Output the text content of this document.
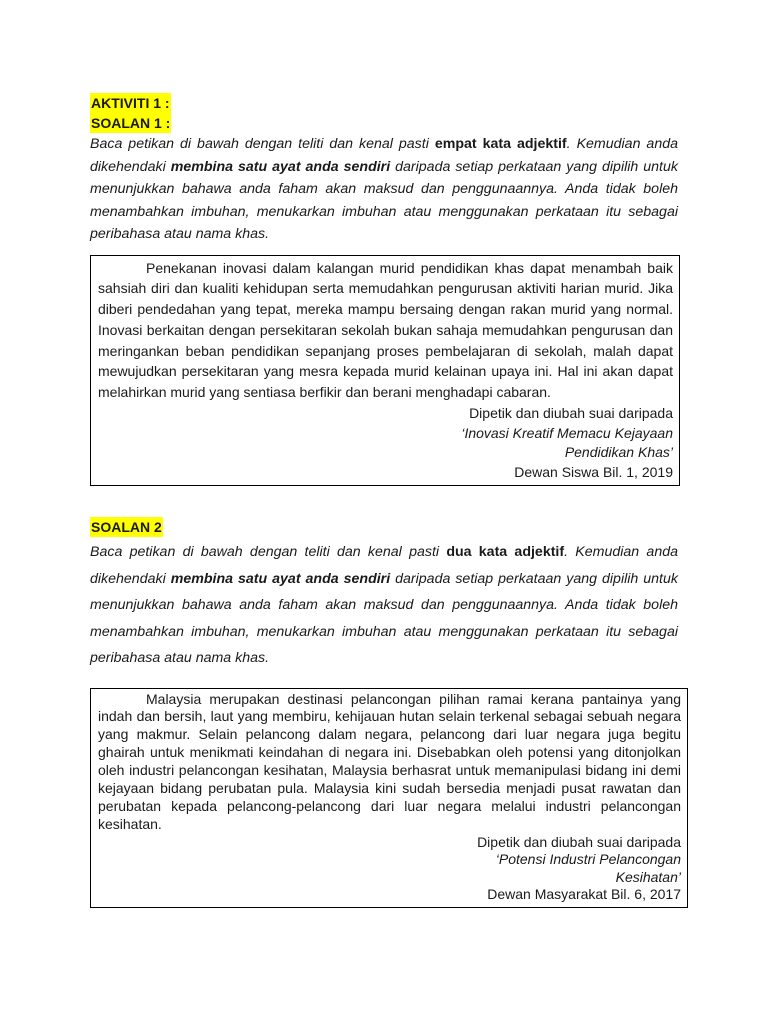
AKTIVITI 1 :
SOALAN 1 :

Baca petikan di bawah dengan teliti dan kenal pasti empat kata adjektif. Kemudian anda dikehendaki membina satu ayat anda sendiri daripada setiap perkataan yang dipilih untuk menunjukkan bahawa anda faham akan maksud dan penggunaannya. Anda tidak boleh menambahkan imbuhan, menukarkan imbuhan atau menggunakan perkataan itu sebagai peribahasa atau nama khas.

Penekanan inovasi dalam kalangan murid pendidikan khas dapat menambah baik sahsiah diri dan kualiti kehidupan serta memudahkan pengurusan aktiviti harian murid. Jika diberi pendedahan yang tepat, mereka mampu bersaing dengan rakan murid yang normal. Inovasi berkaitan dengan persekitaran sekolah bukan sahaja memudahkan pengurusan dan meringankan beban pendidikan sepanjang proses pembelajaran di sekolah, malah dapat mewujudkan persekitaran yang mesra kepada murid kelainan upaya ini. Hal ini akan dapat melahirkan murid yang sentiasa berfikir dan berani menghadapi cabaran.

Dipetik dan diubah suai daripada
‘Inovasi Kreatif Memacu Kejayaan
Pendidikan Khas’
Dewan Siswa Bil. 1, 2019
SOALAN 2

Baca petikan di bawah dengan teliti dan kenal pasti dua kata adjektif. Kemudian anda dikehendaki membina satu ayat anda sendiri daripada setiap perkataan yang dipilih untuk menunjukkan bahawa anda faham akan maksud dan penggunaannya. Anda tidak boleh menambahkan imbuhan, menukarkan imbuhan atau menggunakan perkataan itu sebagai peribahasa atau nama khas.

Malaysia merupakan destinasi pelancongan pilihan ramai kerana pantainya yang indah dan bersih, laut yang membiru, kehijauan hutan selain terkenal sebagai sebuah negara yang makmur. Selain pelancong dalam negara, pelancong dari luar negara juga begitu ghairah untuk menikmati keindahan di negara ini. Disebabkan oleh potensi yang ditonjolkan oleh industri pelancongan kesihatan, Malaysia berhasrat untuk memanipulasi bidang ini demi kejayaan bidang perubatan pula. Malaysia kini sudah bersedia menjadi pusat rawatan dan perubatan kepada pelancong-pelancong dari luar negara melalui industri pelancongan kesihatan.

Dipetik dan diubah suai daripada
‘Potensi Industri Pelancongan
Kesihatan’
Dewan Masyarakat Bil. 6, 2017
